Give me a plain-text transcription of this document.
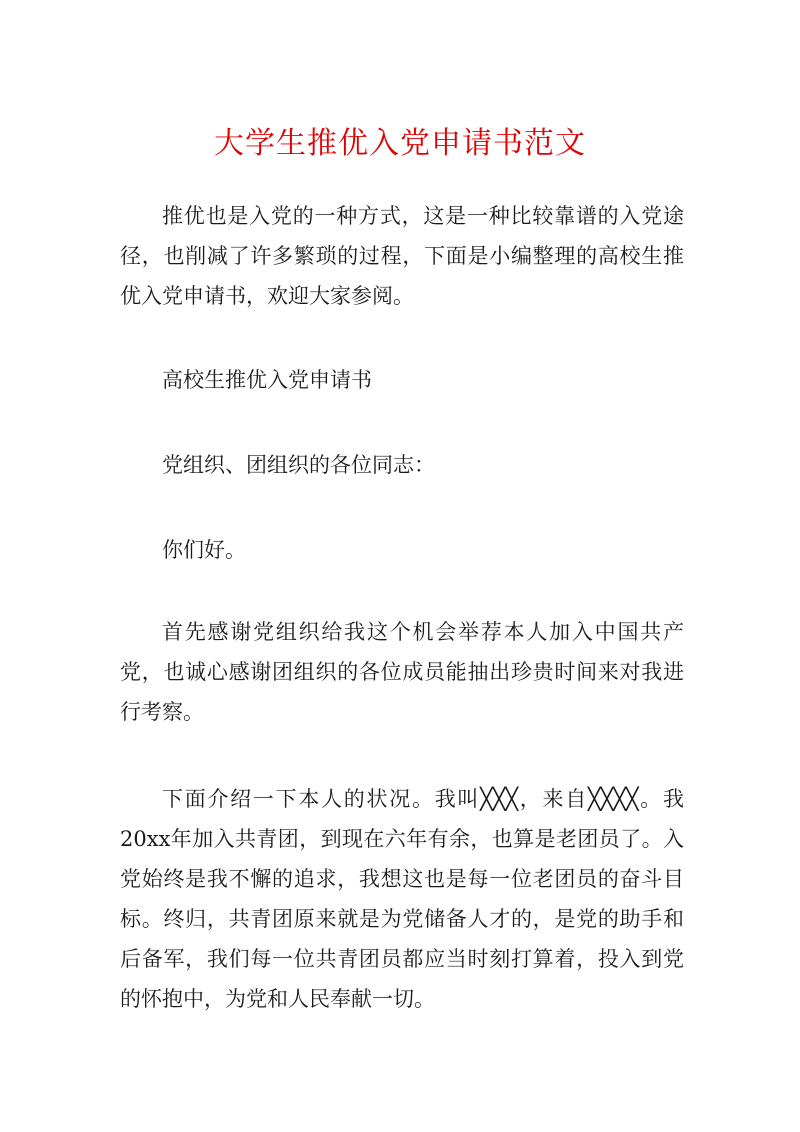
大学生推优入党申请书范文

推优也是入党的一种方式，这是一种比较靠谱的入党途径，也削减了许多繁琐的过程，下面是小编整理的高校生推优入党申请书，欢迎大家参阅。

高校生推优入党申请书

党组织、团组织的各位同志：

你们好。

首先感谢党组织给我这个机会举荐本人加入中国共产党，也诚心感谢团组织的各位成员能抽出珍贵时间来对我进行考察。

下面介绍一下本人的状况。我叫╳╳╳，来自╳╳╳╳。我20xx年加入共青团，到现在六年有余，也算是老团员了。入党始终是我不懈的追求，我想这也是每一位老团员的奋斗目标。终归，共青团原来就是为党储备人才的，是党的助手和后备军，我们每一位共青团员都应当时刻打算着，投入到党的怀抱中，为党和人民奉献一切。
